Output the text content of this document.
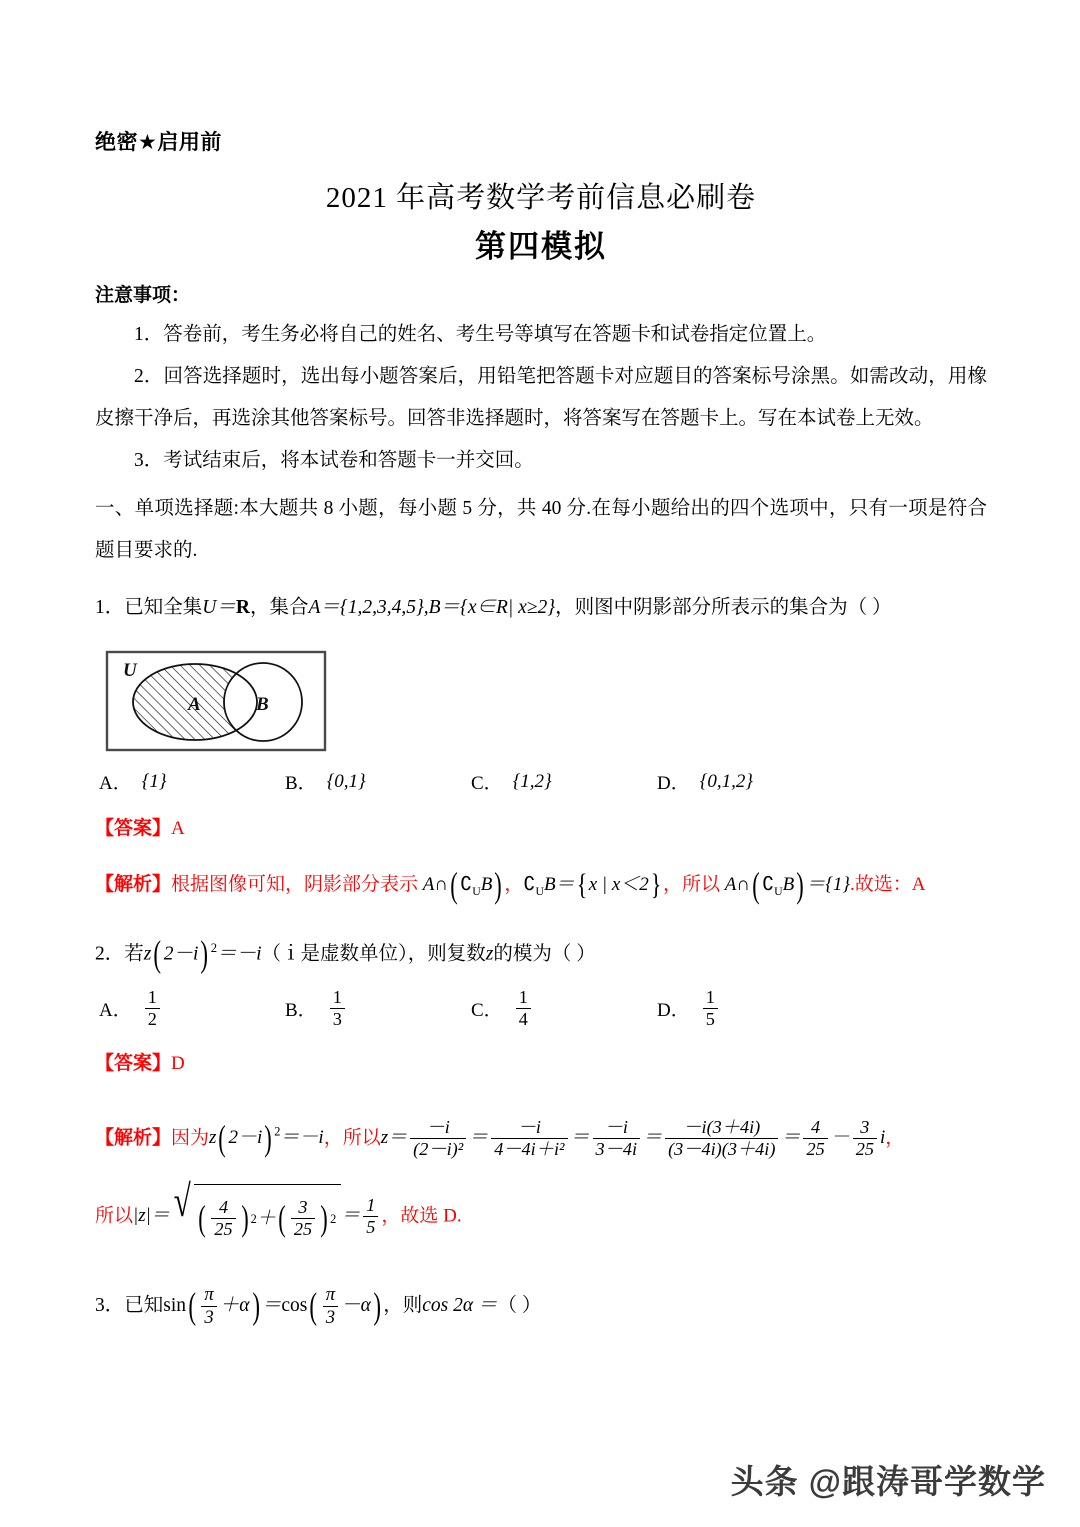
绝密★启用前
2021 年高考数学考前信息必刷卷
第四模拟
注意事项：

1．答卷前，考生务必将自己的姓名、考生号等填写在答题卡和试卷指定位置上。

2．回答选择题时，选出每小题答案后，用铅笔把答题卡对应题目的答案标号涂黑。如需改动，用橡皮擦干净后，再选涂其他答案标号。回答非选择题时，将答案写在答题卡上。写在本试卷上无效。

3．考试结束后，将本试卷和答题卡一并交回。

一、单项选择题:本大题共 8 小题，每小题 5 分，共 40 分.在每小题给出的四个选项中，只有一项是符合题目要求的.

1．已知全集U＝R，集合A＝{1,2,3,4,5},B＝{x∈R| x≥2}，则图中阴影部分所表示的集合为（ ）

U
A	B
A． {1}	B． {0,1}	C． {1,2}	D． {0,1,2}

【答案】A

【解析】根据图像可知，阴影部分表示 A∩( $∁_UB$) ，$∁_UB=\{x$ | x＜2}，所以 A∩( $∁_UB) =\{1\}$.故选：A

2．若z( 2－i) $^2$＝－i（ｉ是虚数单位），则复数z的模为（ ）

A． $\frac{1}{2}$	B． $\frac{1}{3}$	C． $\frac{1}{4}$	D． $\frac{1}{5}$

【答案】D

【解析】因为z( 2－i) $^2$＝－i，所以$z= \frac{-i}{\text{(2－i)²}} = \frac{-i}{\text{4－4i＋i²}} = \frac{-i}{3-4i} = \frac{-i(3+4i)}{(3-4i)(3+4i)} = \frac{4}{25} - \frac{3}{25}$ i，

所以|z|＝ √ ( $\frac{4}{25}$ ) 2 ＋ ( $\frac{3}{25}$ ) $2 = \frac{1}{5}$ ，故选 D.

3．已知$\sin( \frac{\pi}{3} +\alpha) =\cos( \frac{\pi}{3} -\alpha)$ ，则cos 2α ＝（ ）

头条 @跟涛哥学数学
